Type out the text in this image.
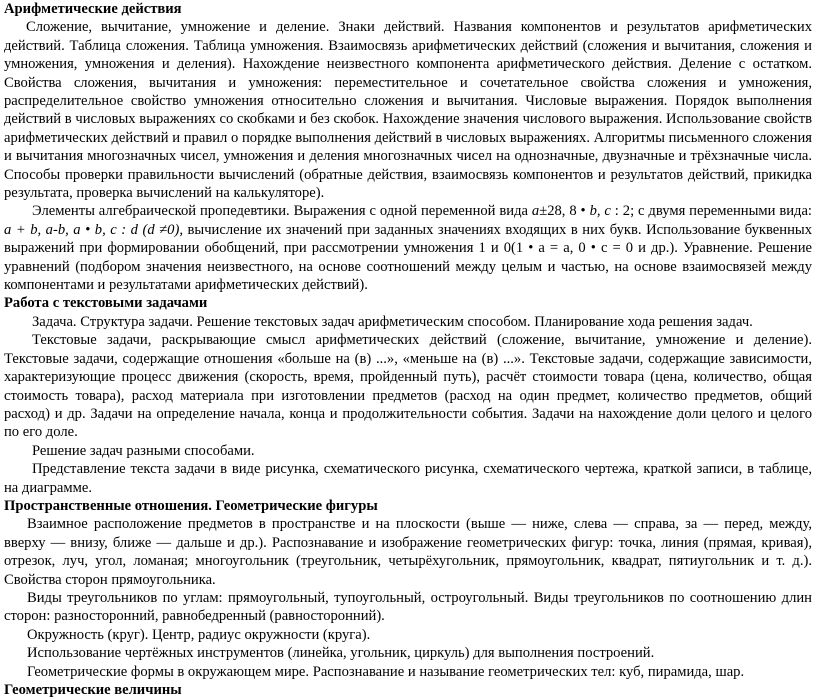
Арифметические действия

Сложение, вычитание, умножение и деление. Знаки действий. Названия компонентов и результатов арифметических действий. Таблица сложения. Таблица умножения. Взаимосвязь арифметических действий (сложения и вычитания, сложения и умножения, умножения и деления). Нахождение неизвестного компонента арифметического действия. Деление с остатком. Свойства сложения, вычитания и умножения: переместительное и сочетательное свойства сложения и умножения, распределительное свойство умножения относительно сложения и вычитания. Числовые выражения. Порядок выполнения действий в числовых выражениях со скобками и без скобок. Нахождение значения числового выражения. Использование свойств арифметических действий и правил о порядке выполнения действий в числовых выражениях. Алгоритмы письменного сложения и вычитания многозначных чисел, умножения и деления многозначных чисел на однозначные, двузначные и трёхзначные числа. Способы проверки правильности вычислений (обратные действия, взаимосвязь компонентов и результатов действий, прикидка результата, проверка вычислений на калькуляторе).

Элементы алгебраической пропедевтики. Выражения с одной переменной вида а±28, 8 • b, с : 2; с двумя переменными вида: а + b, а-b, а • b, c : d (d ≠0), вычисление их значений при заданных значениях входящих в них букв. Использование буквенных выражений при формировании обобщений, при рассмотрении умножения 1 и 0(1 • а = а, 0 • с = 0 и др.). Уравнение. Решение уравнений (подбором значения неизвестного, на основе соотношений между целым и частью, на основе взаимосвязей между компонентами и результатами арифметических действий).

Работа с текстовыми задачами

Задача. Структура задачи. Решение текстовых задач арифметическим способом. Планирование хода решения задач.

Текстовые задачи, раскрывающие смысл арифметических действий (сложение, вычитание, умножение и деление). Текстовые задачи, содержащие отношения «больше на (в) ...», «меньше на (в) ...». Текстовые задачи, содержащие зависимости, характеризующие процесс движения (скорость, время, пройденный путь), расчёт стоимости товара (цена, количество, общая стоимость товара), расход материала при изготовлении предметов (расход на один предмет, количество предметов, общий расход) и др. Задачи на определение начала, конца и продолжительности события. Задачи на нахождение доли целого и целого по его доле.

Решение задач разными способами.

Представление текста задачи в виде рисунка, схематического рисунка, схематического чертежа, краткой записи, в таблице, на диаграмме.

Пространственные отношения. Геометрические фигуры

Взаимное расположение предметов в пространстве и на плоскости (выше — ниже, слева — справа, за — перед, между, вверху — внизу, ближе — дальше и др.). Распознавание и изображение геометрических фигур: точка, линия (прямая, кривая), отрезок, луч, угол, ломаная; многоугольник (треугольник, четырёхугольник, прямоугольник, квадрат, пятиугольник и т. д.). Свойства сторон прямоугольника.

Виды треугольников по углам: прямоугольный, тупоугольный, остроугольный. Виды треугольников по соотношению длин сторон: разносторонний, равнобедренный (равносторонний).

Окружность (круг). Центр, радиус окружности (круга).

Использование чертёжных инструментов (линейка, угольник, циркуль) для выполнения построений.

Геометрические формы в окружающем мире. Распознавание и называние геометрических тел: куб, пирамида, шар.

Геометрические величины
